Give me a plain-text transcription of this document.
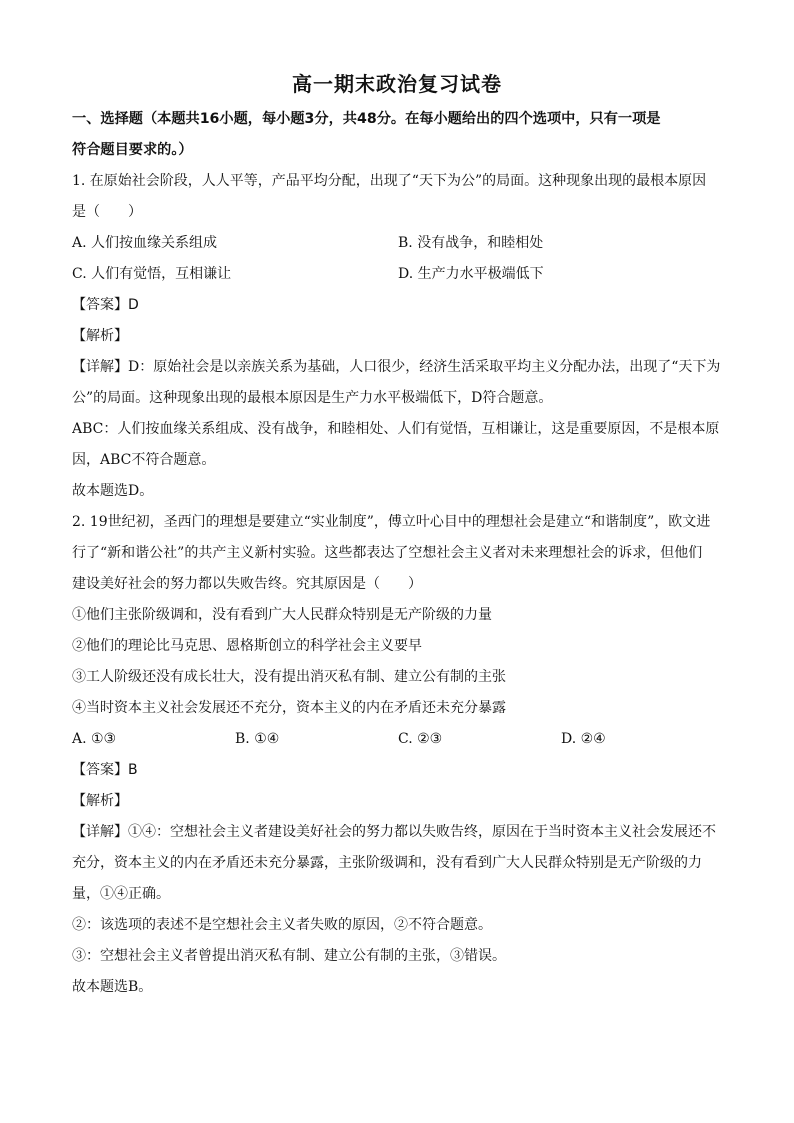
高一期末政治复习试卷
一、选择题（本题共16小题，每小题3分，共48分。在每小题给出的四个选项中，只有一项是
符合题目要求的。）
1. 在原始社会阶段，人人平等，产品平均分配，出现了“天下为公”的局面。这种现象出现的最根本原因
是（　　）
A. 人们按血缘关系组成	B. 没有战争，和睦相处
C. 人们有觉悟，互相谦让	D. 生产力水平极端低下
【答案】D
【解析】
【详解】D：原始社会是以亲族关系为基础，人口很少，经济生活采取平均主义分配办法，出现了“天下为
公”的局面。这种现象出现的最根本原因是生产力水平极端低下，D符合题意。
ABC：人们按血缘关系组成、没有战争，和睦相处、人们有觉悟，互相谦让，这是重要原因，不是根本原
因，ABC不符合题意。
故本题选D。
2. 19世纪初，圣西门的理想是要建立“实业制度”，傅立叶心目中的理想社会是建立“和谐制度”，欧文进
行了“新和谐公社”的共产主义新村实验。这些都表达了空想社会主义者对未来理想社会的诉求，但他们
建设美好社会的努力都以失败告终。究其原因是（　　）
①他们主张阶级调和，没有看到广大人民群众特别是无产阶级的力量
②他们的理论比马克思、恩格斯创立的科学社会主义要早
③工人阶级还没有成长壮大，没有提出消灭私有制、建立公有制的主张
④当时资本主义社会发展还不充分，资本主义的内在矛盾还未充分暴露
A. ①③	B. ①④	C. ②③	D. ②④
【答案】B
【解析】
【详解】①④：空想社会主义者建设美好社会的努力都以失败告终，原因在于当时资本主义社会发展还不
充分，资本主义的内在矛盾还未充分暴露，主张阶级调和，没有看到广大人民群众特别是无产阶级的力
量，①④正确。
②：该选项的表述不是空想社会主义者失败的原因，②不符合题意。
③：空想社会主义者曾提出消灭私有制、建立公有制的主张，③错误。
故本题选B。
